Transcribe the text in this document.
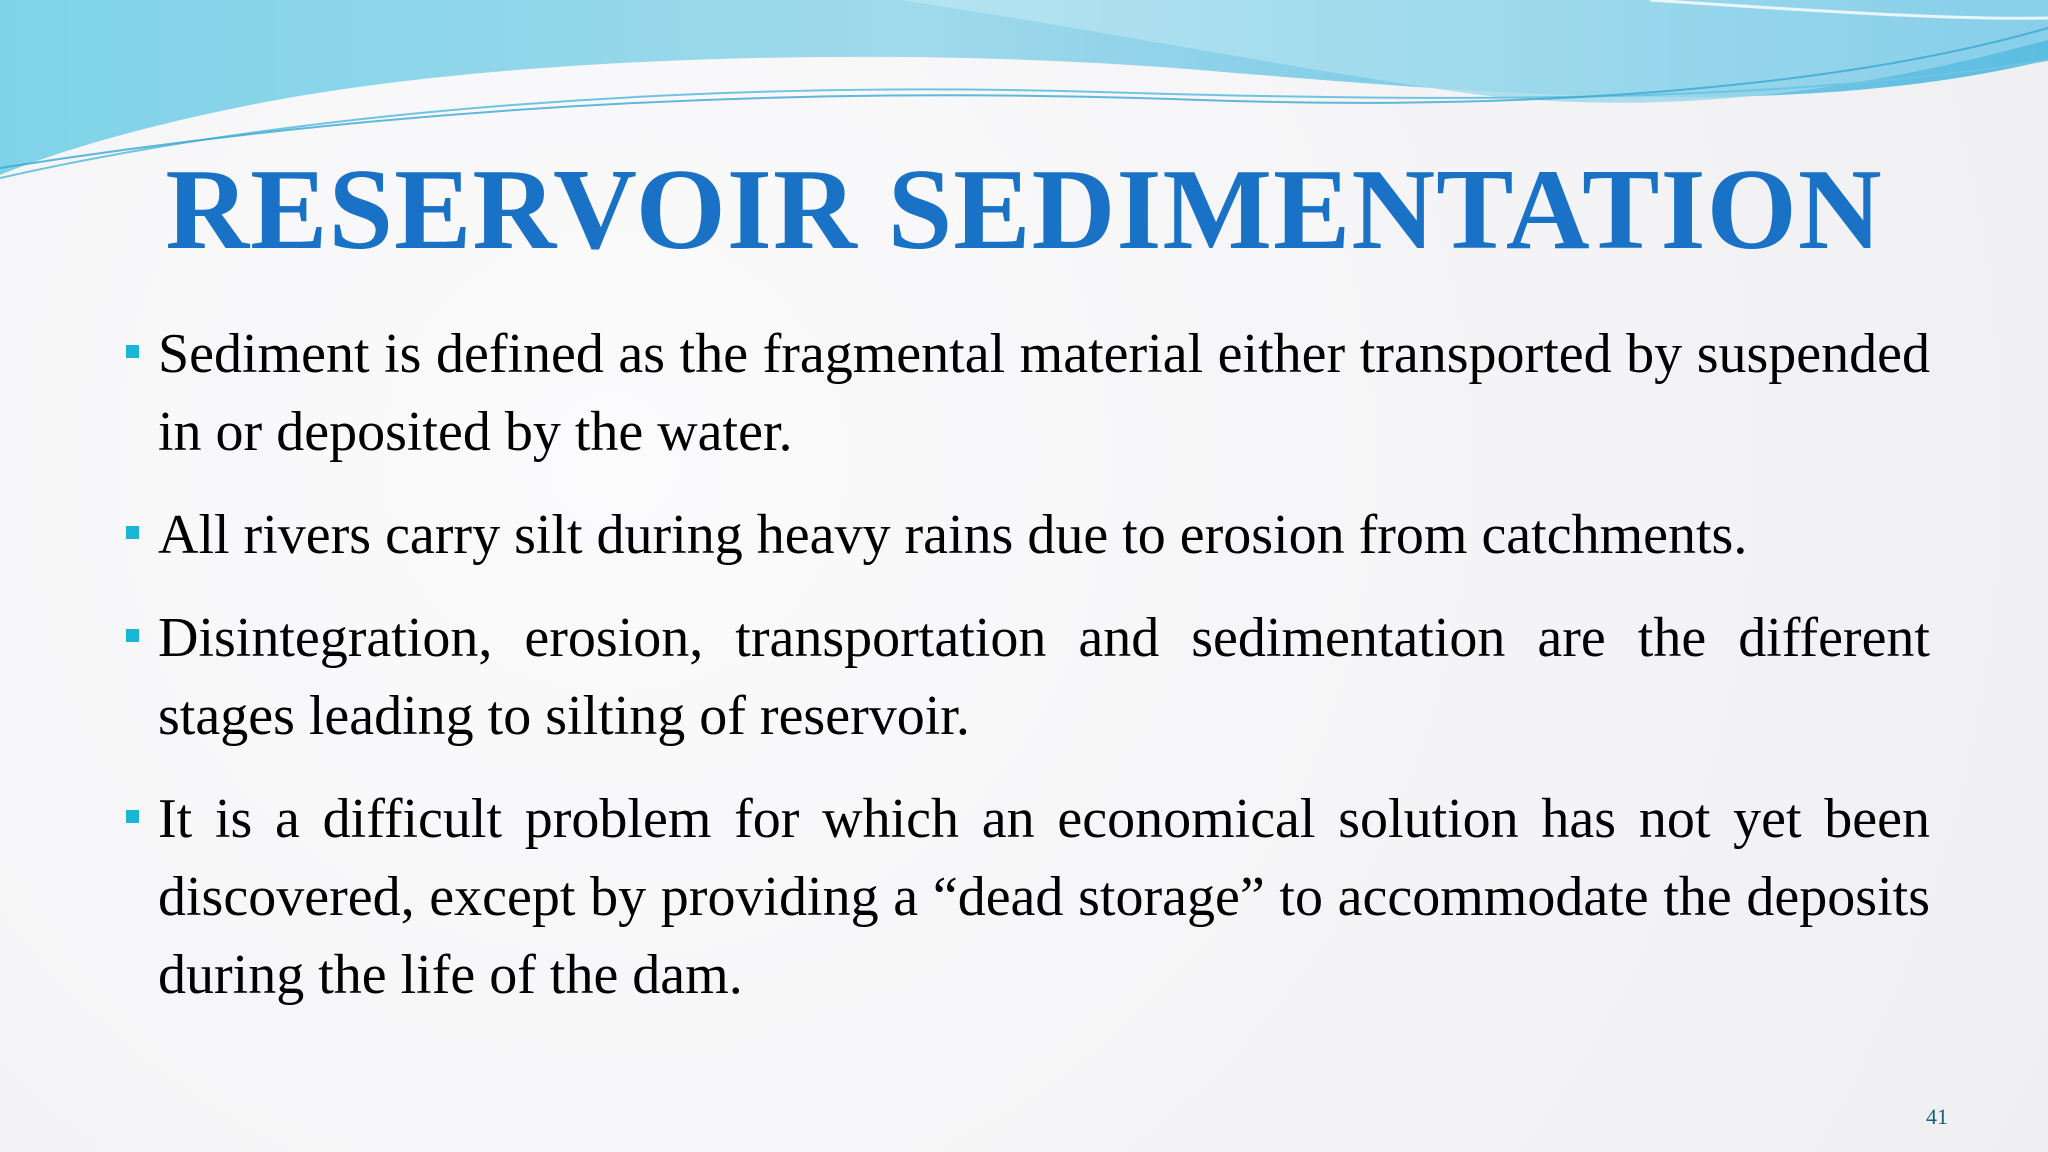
RESERVOIR SEDIMENTATION
Sediment is defined as the fragmental material either transported by suspended in or deposited by the water.
All rivers carry silt during heavy rains due to erosion from catchments.
Disintegration, erosion, transportation and sedimentation are the different stages leading to silting of reservoir.
It is a difficult problem for which an economical solution has not yet been discovered, except by providing a “dead storage” to accommodate the deposits during the life of the dam.
41
